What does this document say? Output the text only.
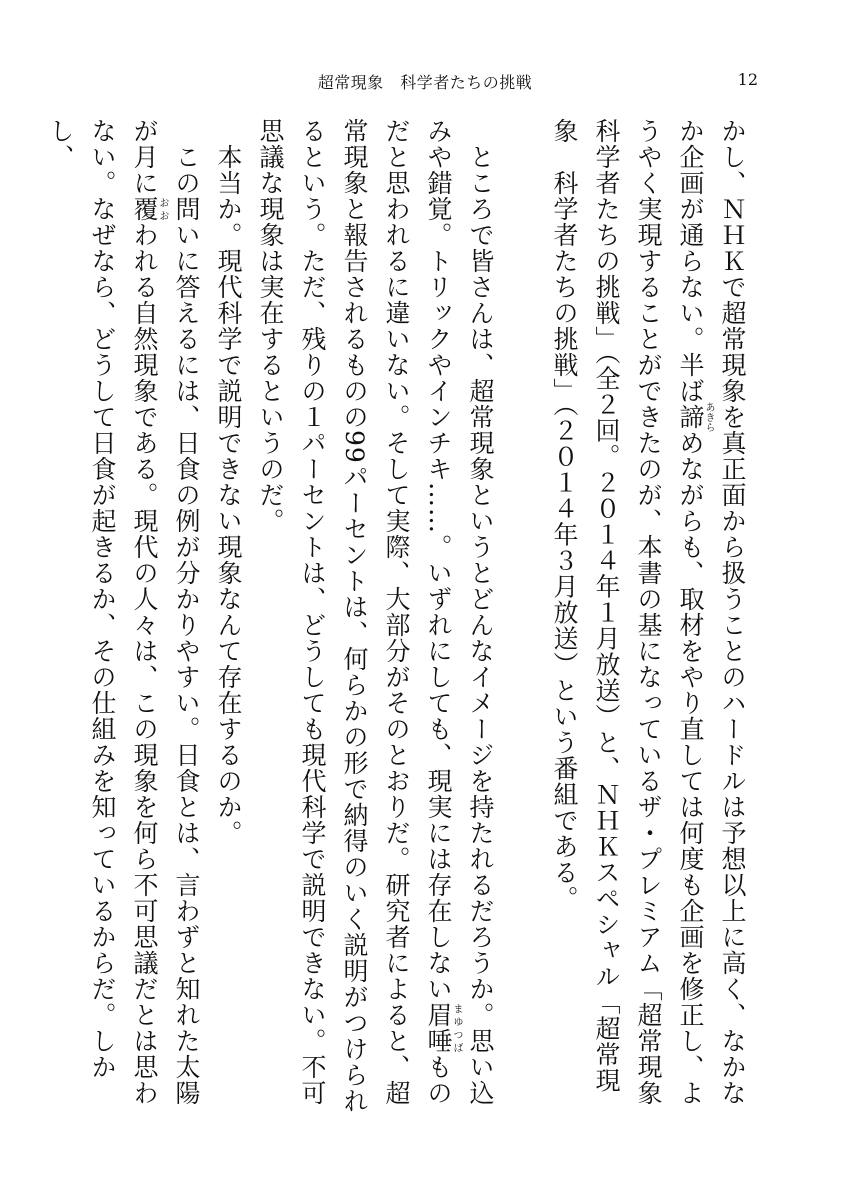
超常現象　科学者たちの挑戦	12

かし、ＮＨＫで超常現象を真正面から扱うことのハードルは予想以上に高く、なかなか企画が通らない。半ば諦あきらめながらも、取材をやり直しては何度も企画を修正し、ようやく実現することができたのが、本書の基になっているザ・プレミアム「超常現象　科学者たちの挑戦」（全２回。２０１４年１月放送）と、ＮＨＫスペシャル「超常現象　科学者たちの挑戦」（２０１４年３月放送）という番組である。

　ところで皆さんは、超常現象というとどんなイメージを持たれるだろうか。思い込みや錯覚。トリックやインチキ……。いずれにしても、現実には存在しない眉唾まゆつばものだと思われるに違いない。そして実際、大部分がそのとおりだ。研究者によると、超常現象と報告されるものの99パーセントは、何らかの形で納得のいく説明がつけられるという。ただ、残りの１パーセントは、どうしても現代科学で説明できない。不可思議な現象は実在するというのだ。

　本当か。現代科学で説明できない現象なんて存在するのか。

　この問いに答えるには、日食の例が分かりやすい。日食とは、言わずと知れた太陽が月に覆おおわれる自然現象である。現代の人々は、この現象を何ら不可思議だとは思わない。なぜなら、どうして日食が起きるか、その仕組みを知っているからだ。しかし、
